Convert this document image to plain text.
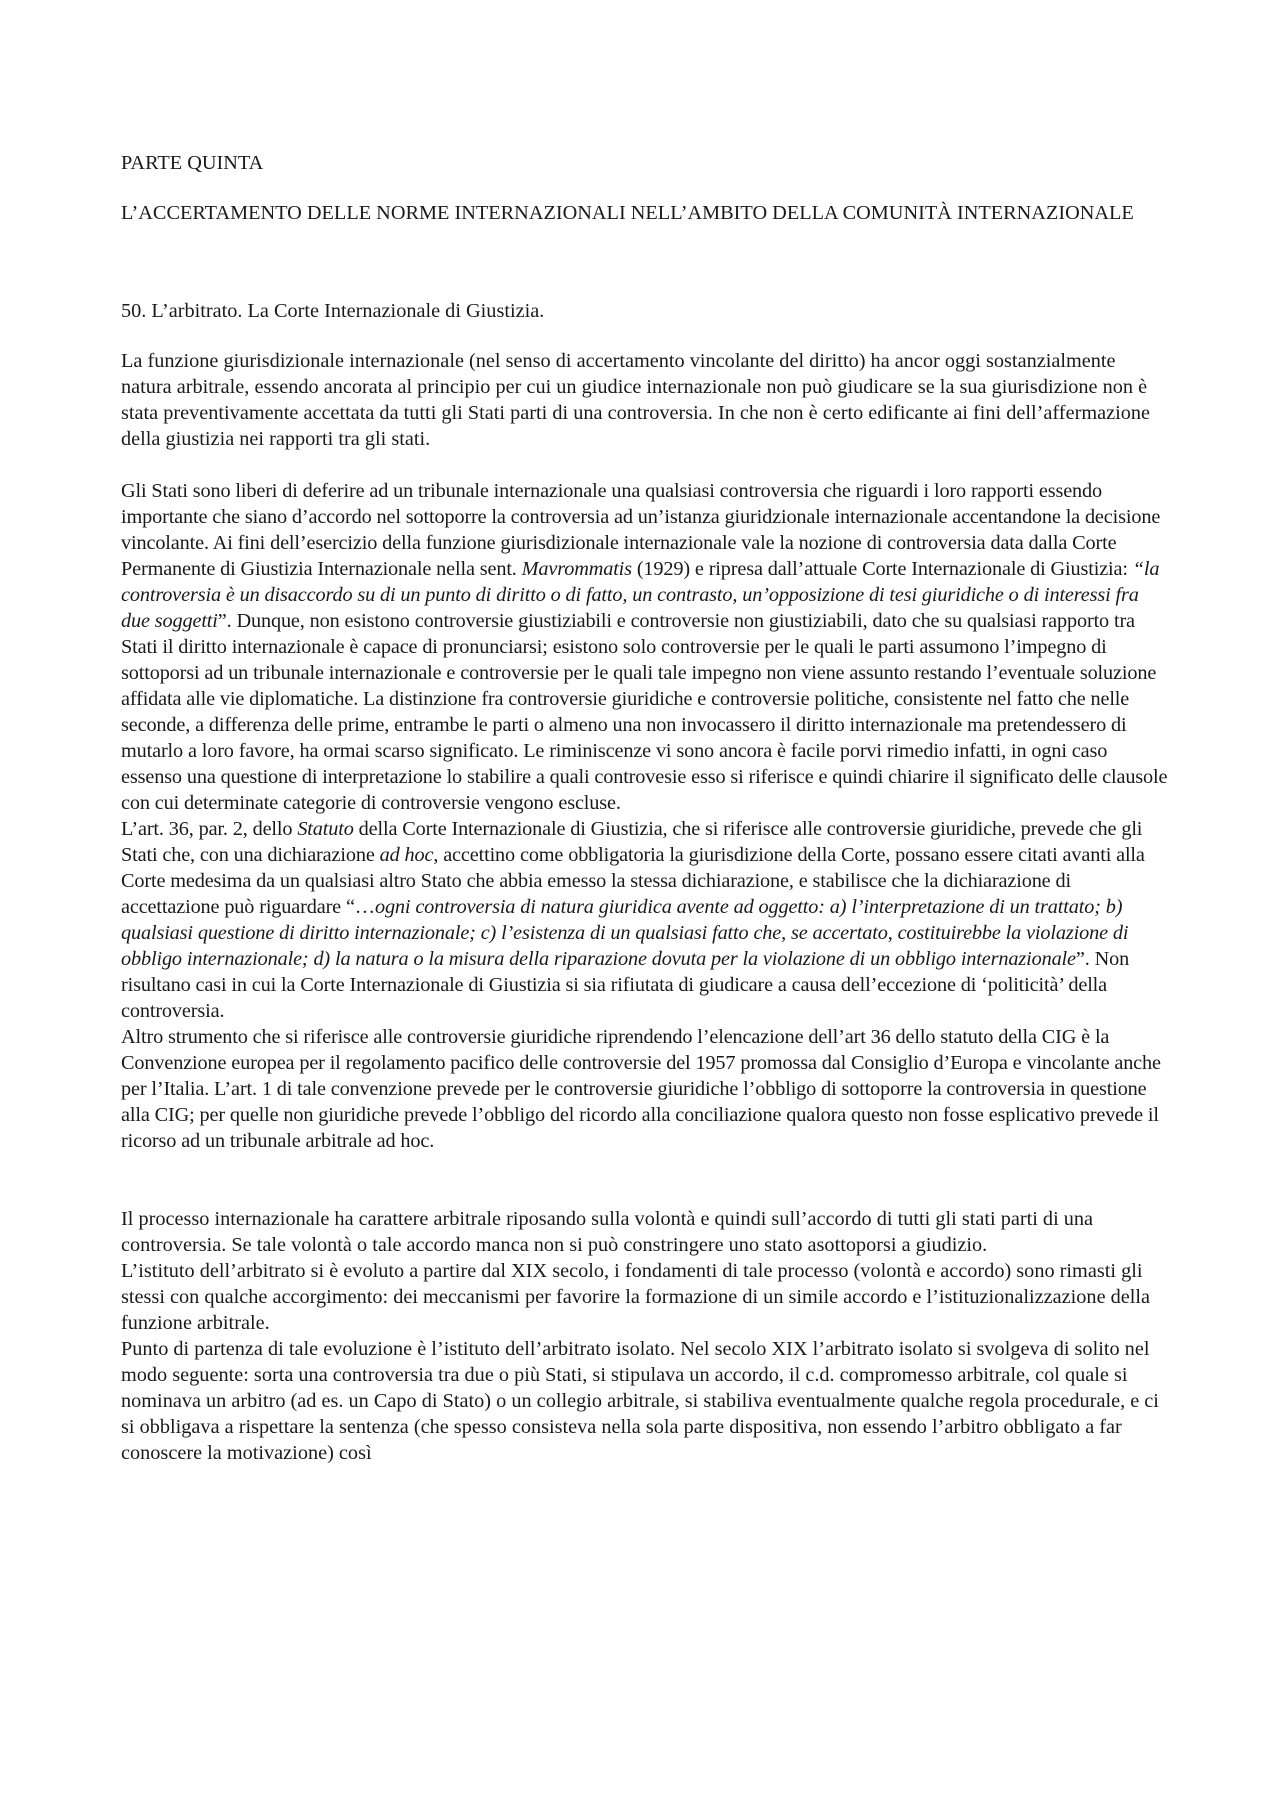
PARTE QUINTA
L’ACCERTAMENTO DELLE NORME INTERNAZIONALI NELL’AMBITO DELLA COMUNITÀ INTERNAZIONALE
50. L’arbitrato. La Corte Internazionale di Giustizia.

La funzione giurisdizionale internazionale (nel senso di accertamento vincolante del diritto) ha ancor oggi sostanzialmente natura arbitrale, essendo ancorata al principio per cui un giudice internazionale non può giudicare se la sua giurisdizione non è stata preventivamente accettata da tutti gli Stati parti di una controversia. In che non è certo edificante ai fini dell’affermazione della giustizia nei rapporti tra gli stati.

Gli Stati sono liberi di deferire ad un tribunale internazionale una qualsiasi controversia che riguardi i loro rapporti essendo importante che siano d’accordo nel sottoporre la controversia ad un’istanza giuridzionale internazionale accentandone la decisione vincolante. Ai fini dell’esercizio della funzione giurisdizionale internazionale vale la nozione di controversia data dalla Corte Permanente di Giustizia Internazionale nella sent. Mavrommatis (1929) e ripresa dall’attuale Corte Internazionale di Giustizia: “la controversia è un disaccordo su di un punto di diritto o di fatto, un contrasto, un’opposizione di tesi giuridiche o di interessi fra due soggetti”. Dunque, non esistono controversie giustiziabili e controversie non giustiziabili, dato che su qualsiasi rapporto tra Stati il diritto internazionale è capace di pronunciarsi; esistono solo controversie per le quali le parti assumono l’impegno di sottoporsi ad un tribunale internazionale e controversie per le quali tale impegno non viene assunto restando l’eventuale soluzione affidata alle vie diplomatiche. La distinzione fra controversie giuridiche e controversie politiche, consistente nel fatto che nelle seconde, a differenza delle prime, entrambe le parti o almeno una non invocassero il diritto internazionale ma pretendessero di mutarlo a loro favore, ha ormai scarso significato. Le riminiscenze vi sono ancora è facile porvi rimedio infatti, in ogni caso essenso una questione di interpretazione lo stabilire a quali controvesie esso si riferisce e quindi chiarire il significato delle clausole con cui determinate categorie di controversie vengono escluse.

L’art. 36, par. 2, dello Statuto della Corte Internazionale di Giustizia, che si riferisce alle controversie giuridiche, prevede che gli Stati che, con una dichiarazione ad hoc, accettino come obbligatoria la giurisdizione della Corte, possano essere citati avanti alla Corte medesima da un qualsiasi altro Stato che abbia emesso la stessa dichiarazione, e stabilisce che la dichiarazione di accettazione può riguardare “…ogni controversia di natura giuridica avente ad oggetto: a) l’interpretazione di un trattato; b) qualsiasi questione di diritto internazionale; c) l’esistenza di un qualsiasi fatto che, se accertato, costituirebbe la violazione di obbligo internazionale; d) la natura o la misura della riparazione dovuta per la violazione di un obbligo internazionale”. Non risultano casi in cui la Corte Internazionale di Giustizia si sia rifiutata di giudicare a causa dell’eccezione di ‘politicità’ della controversia.

Altro strumento che si riferisce alle controversie giuridiche riprendendo l’elencazione dell’art 36 dello statuto della CIG è la Convenzione europea per il regolamento pacifico delle controversie del 1957 promossa dal Consiglio d’Europa e vincolante anche per l’Italia. L’art. 1 di tale convenzione prevede per le controversie giuridiche l’obbligo di sottoporre la controversia in questione alla CIG; per quelle non giuridiche prevede l’obbligo del ricordo alla conciliazione qualora questo non fosse esplicativo prevede il ricorso ad un tribunale arbitrale ad hoc.

Il processo internazionale ha carattere arbitrale riposando sulla volontà e quindi sull’accordo di tutti gli stati parti di una controversia. Se tale volontà o tale accordo manca non si può constringere uno stato asottoporsi a giudizio.

L’istituto dell’arbitrato si è evoluto a partire dal XIX secolo, i fondamenti di tale processo (volontà e accordo) sono rimasti gli stessi con qualche accorgimento: dei meccanismi per favorire la formazione di un simile accordo e l’istituzionalizzazione della funzione arbitrale.

Punto di partenza di tale evoluzione è l’istituto dell’arbitrato isolato. Nel secolo XIX l’arbitrato isolato si svolgeva di solito nel modo seguente: sorta una controversia tra due o più Stati, si stipulava un accordo, il c.d. compromesso arbitrale, col quale si nominava un arbitro (ad es. un Capo di Stato) o un collegio arbitrale, si stabiliva eventualmente qualche regola procedurale, e ci si obbligava a rispettare la sentenza (che spesso consisteva nella sola parte dispositiva, non essendo l’arbitro obbligato a far conoscere la motivazione) così
